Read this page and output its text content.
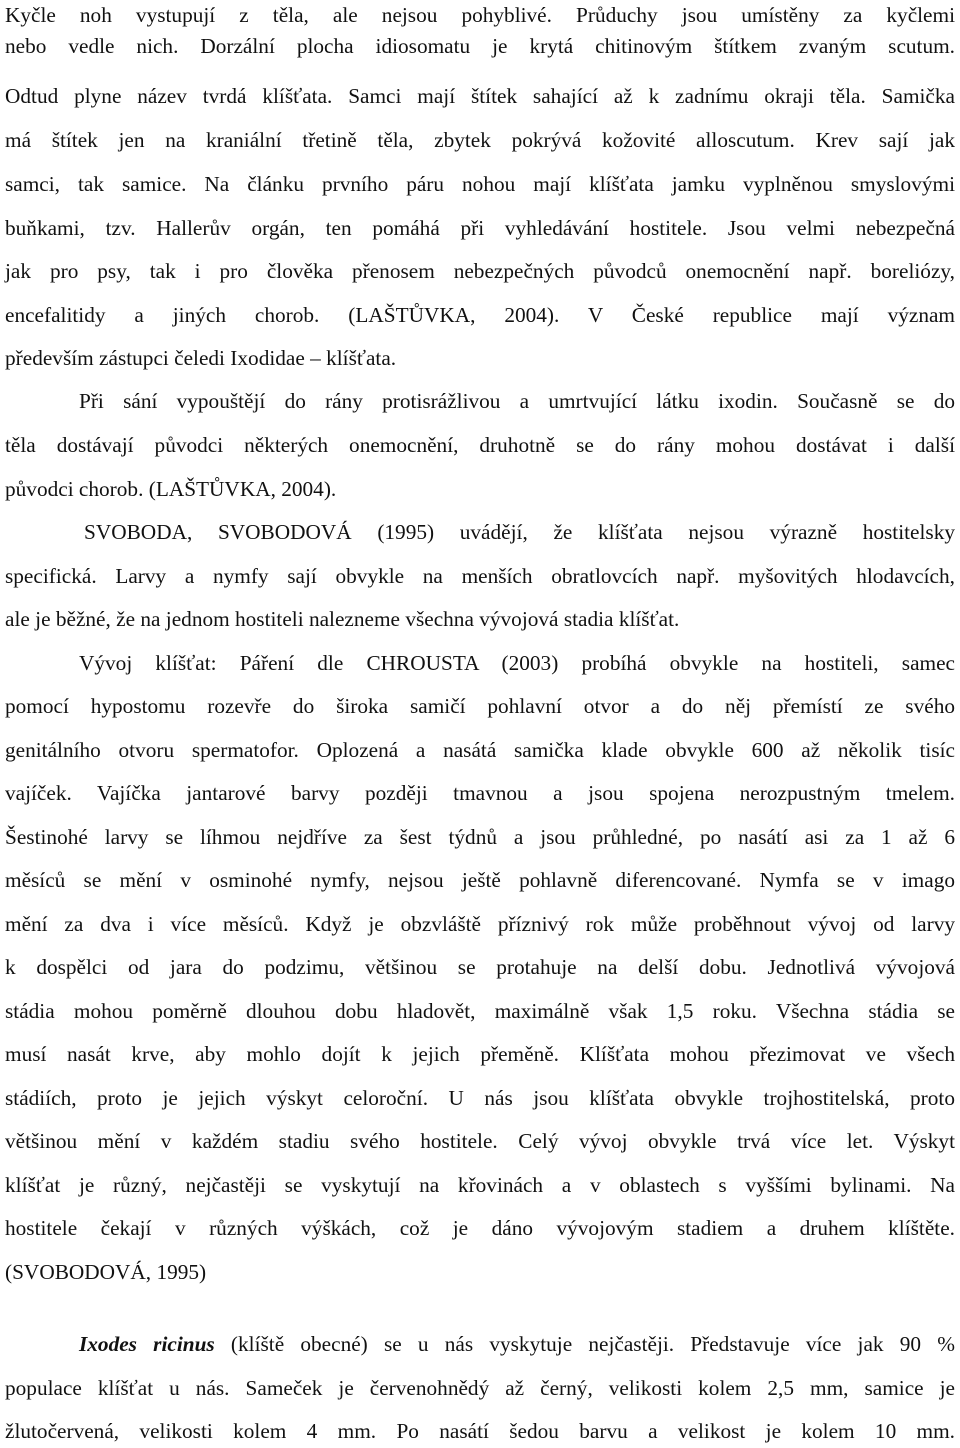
Kyčle noh vystupují z těla, ale nejsou pohyblivé. Průduchy jsou umístěny za kyčlemi
nebo vedle nich. Dorzální plocha idiosomatu je krytá chitinovým štítkem zvaným scutum.
Odtud plyne název tvrdá klíšťata. Samci mají štítek sahající až k zadnímu okraji těla. Samička
má štítek jen na kraniální třetině těla, zbytek pokrývá kožovité alloscutum. Krev sají jak
samci, tak samice. Na článku prvního páru nohou mají klíšťata jamku vyplněnou smyslovými
buňkami, tzv. Hallerův orgán, ten pomáhá při vyhledávání hostitele. Jsou velmi nebezpečná
jak pro psy, tak i pro člověka přenosem nebezpečných původců onemocnění např. boreliózy,
encefalitidy a jiných chorob. (LAŠTŮVKA, 2004). V České republice mají význam
především zástupci čeledi Ixodidae – klíšťata.
Při sání vypouštějí do rány protisrážlivou a umrtvující látku ixodin. Současně se do
těla dostávají původci některých onemocnění, druhotně se do rány mohou dostávat i další
původci chorob. (LAŠTŮVKA, 2004).
SVOBODA, SVOBODOVÁ (1995) uvádějí, že klíšťata nejsou výrazně hostitelsky
specifická. Larvy a nymfy sají obvykle na menších obratlovcích např. myšovitých hlodavcích,
ale je běžné, že na jednom hostiteli nalezneme všechna vývojová stadia klíšťat.
Vývoj klíšťat: Páření dle CHROUSTA (2003) probíhá obvykle na hostiteli, samec
pomocí hypostomu rozevře do široka samičí pohlavní otvor a do něj přemístí ze svého
genitálního otvoru spermatofor. Oplozená a nasátá samička klade obvykle 600 až několik tisíc
vajíček. Vajíčka jantarové barvy později tmavnou a jsou spojena nerozpustným tmelem.
Šestinohé larvy se líhmou nejdříve za šest týdnů a jsou průhledné, po nasátí asi za 1 až 6
měsíců se mění v osminohé nymfy, nejsou ještě pohlavně diferencované. Nymfa se v imago
mění za dva i více měsíců. Když je obzvláště příznivý rok může proběhnout vývoj od larvy
k dospělci od jara do podzimu, většinou se protahuje na delší dobu. Jednotlivá vývojová
stádia mohou poměrně dlouhou dobu hladovět, maximálně však 1,5 roku. Všechna stádia se
musí nasát krve, aby mohlo dojít k jejich přeměně. Klíšťata mohou přezimovat ve všech
stádiích, proto je jejich výskyt celoroční. U nás jsou klíšťata obvykle trojhostitelská, proto
většinou mění v každém stadiu svého hostitele. Celý vývoj obvykle trvá více let. Výskyt
klíšťat je různý, nejčastěji se vyskytují na křovinách a v oblastech s vyššími bylinami. Na
hostitele čekají v různých výškách, což je dáno vývojovým stadiem a druhem klíštěte.
(SVOBODOVÁ, 1995)
Ixodes ricinus (klíště obecné) se u nás vyskytuje nejčastěji. Představuje více jak 90 %
populace klíšťat u nás. Sameček je červenohnědý až černý, velikosti kolem 2,5 mm, samice je
žlutočervená, velikosti kolem 4 mm. Po nasátí šedou barvu a velikost je kolem 10 mm.
